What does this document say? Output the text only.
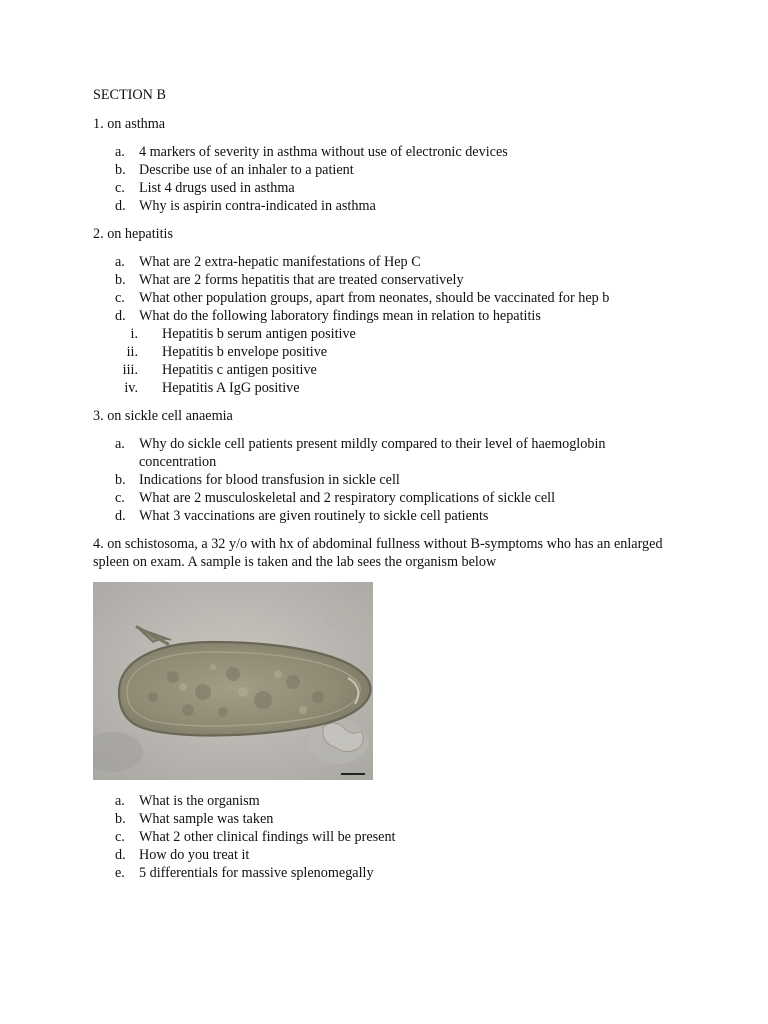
SECTION B

1. on asthma

a. 4 markers of severity in asthma without use of electronic devices
b. Describe use of an inhaler to a patient
c. List 4 drugs used in asthma
d. Why is aspirin contra-indicated in asthma

2. on hepatitis

a. What are 2 extra-hepatic manifestations of Hep C
b. What are 2 forms hepatitis that are treated conservatively
c. What other population groups, apart from neonates, should be vaccinated for hep b
d. What do the following laboratory findings mean in relation to hepatitis
i. Hepatitis b serum antigen positive
ii. Hepatitis b envelope positive
iii. Hepatitis c antigen positive
iv. Hepatitis A IgG positive

3. on sickle cell anaemia

a. Why do sickle cell patients present mildly compared to their level of haemoglobin concentration
b. Indications for blood transfusion in sickle cell
c. What are 2 musculoskeletal and 2 respiratory complications of sickle cell
d. What 3 vaccinations are given routinely to sickle cell patients

4. on schistosoma, a 32 y/o with hx of abdominal fullness without B-symptoms who has an enlarged spleen on exam. A sample is taken and the lab sees the organism below

a. What is the organism
b. What sample was taken
c. What 2 other clinical findings will be present
d. How do you treat it
e. 5 differentials for massive splenomegally
